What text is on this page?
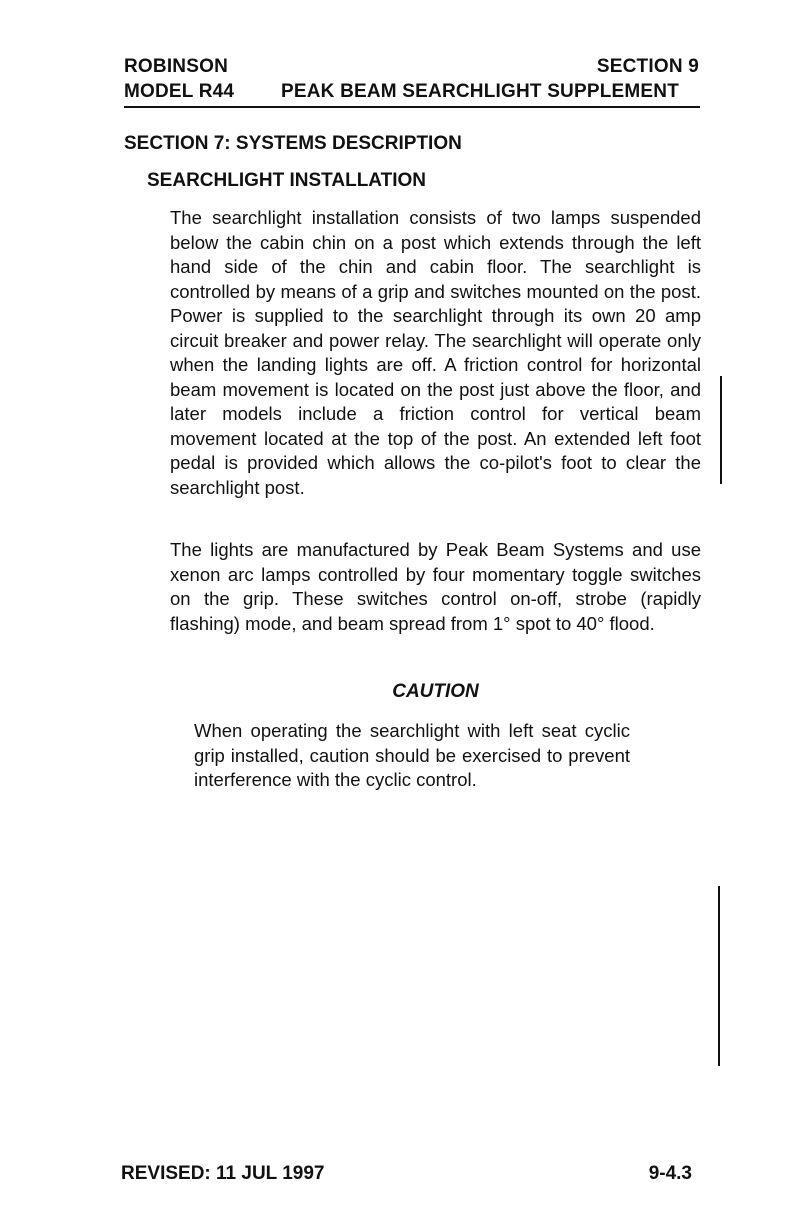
ROBINSON
MODEL R44
SECTION 9
PEAK BEAM SEARCHLIGHT SUPPLEMENT
SECTION 7: SYSTEMS DESCRIPTION
SEARCHLIGHT INSTALLATION

The searchlight installation consists of two lamps suspended below the cabin chin on a post which extends through the left hand side of the chin and cabin floor. The searchlight is controlled by means of a grip and switches mounted on the post. Power is supplied to the searchlight through its own 20 amp circuit breaker and power relay. The searchlight will operate only when the landing lights are off. A friction control for horizontal beam movement is located on the post just above the floor, and later models include a friction control for vertical beam movement located at the top of the post. An extended left foot pedal is provided which allows the co-pilot's foot to clear the searchlight post.

The lights are manufactured by Peak Beam Systems and use xenon arc lamps controlled by four momentary toggle switches on the grip. These switches control on-off, strobe (rapidly flashing) mode, and beam spread from 1° spot to 40° flood.

CAUTION

When operating the searchlight with left seat cyclic grip installed, caution should be exercised to prevent interference with the cyclic control.

REVISED: 11 JUL 1997	9-4.3
